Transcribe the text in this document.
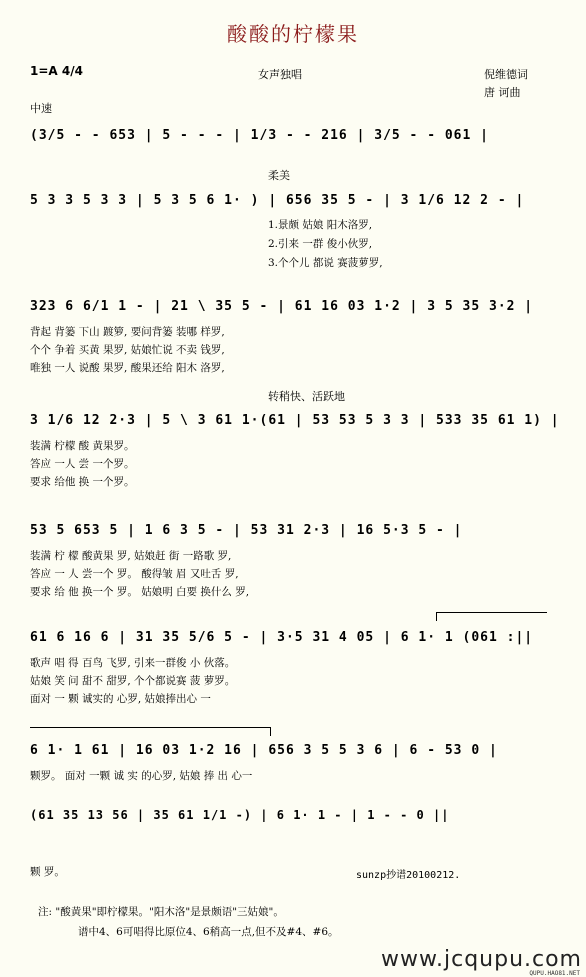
酸酸的柠檬果
1=A 4/4	女声独唱	倪维德词
唐 诃曲
中速
(3/5 - - 653 | 5 - - - | 1/3 - - 216 | 3/5 - - 061 |
柔美
5 3 3 5 3 3 | 5 3 5 6 1· ) | 656 35 5 - | 3 1/6 12 2 - |
1.景颇 姑娘 阳木洛罗,
2.引来 一群 俊小伙罗,
3.个个儿 都说 赛菠萝罗,
323 6 6/1 1 - | 21 \ 35 5 - | 61 16 03 1·2 | 3 5 35 3·2 |
背起 背篓 下山 踱箩, 要问背篓 装哪 样罗,
个个 争着 买黄 果罗, 姑娘忙说 不卖 钱罗,
唯独 一人 说酸 果罗, 酸果还给 阳木 洛罗,
转稍快、活跃地
3 1/6 12 2·3 | 5 \ 3 61 1·(61 | 53 53 5 3 3 | 533 35 61 1) |
装满 柠檬 酸 黄果罗。
答应 一人 尝 一个罗。
要求 给他 换 一个罗。
53 5 653 5 | 1 6 3 5 - | 53 31 2·3 | 16 5·3 5 - |
装满 柠 檬 酸黄果 罗, 姑娘赶 街 一路歌 罗,
答应 一 人 尝一个 罗。 酸得皱 眉 又吐舌 罗,
要求 给 他 换一个 罗。 姑娘明 白要 换什么 罗,
61 6 16 6 | 31 35 5/6 5 - | 3·5 31 4 05 | 6 1· 1 (061 :||
歌声 唱 得 百鸟 飞罗, 引来一群俊 小 伙落。
姑娘 笑 问 甜不 甜罗, 个个都说赛 菠 萝罗。
面对 一 颗 诚实的 心罗, 姑娘捧出心 一
6 1· 1 61 | 16 03 1·2 16 | 656 3 5 5 3 6 | 6 - 53 0 |
颗罗。 面对 一颗 诚 实 的心罗, 姑娘 捧 出 心一
(61 35 13 56 | 35 61 1/1 -) | 6 1· 1 - | 1 - - 0 ||
颗 罗。	sunzp抄谱20100212.
注: "酸黄果"即柠檬果。"阳木洛"是景颇语"三姑娘"。
谱中4、6可唱得比原位4、6稍高一点,但不及#4、#6。
www.jcqupu.com
QUPU.HAO81.NET
